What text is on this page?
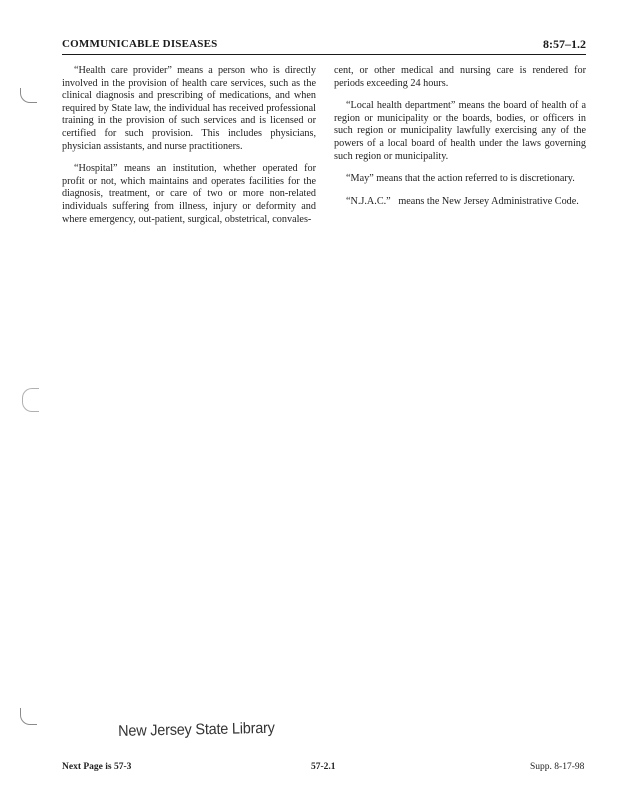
COMMUNICABLE DISEASES	8:57–1.2

“Health care provider” means a person who is directly involved in the provision of health care services, such as the clinical diagnosis and prescribing of medications, and when required by State law, the individual has received professional training in the provision of such services and is licensed or certified for such provision. This includes physicians, physician assistants, and nurse practitioners.

“Hospital” means an institution, whether operated for profit or not, which maintains and operates facilities for the diagnosis, treatment, or care of two or more non-related individuals suffering from illness, injury or deformity and where emergency, out-patient, surgical, obstetrical, convales-

cent, or other medical and nursing care is rendered for periods exceeding 24 hours.

“Local health department” means the board of health of a region or municipality or the boards, bodies, or officers in such region or municipality lawfully exercising any of the powers of a local board of health under the laws governing such region or municipality.

“May” means that the action referred to is discretionary.

“N.J.A.C.”   means the New Jersey Administrative Code.

New Jersey State Library
Next Page is 57-3	57-2.1	Supp. 8-17-98
